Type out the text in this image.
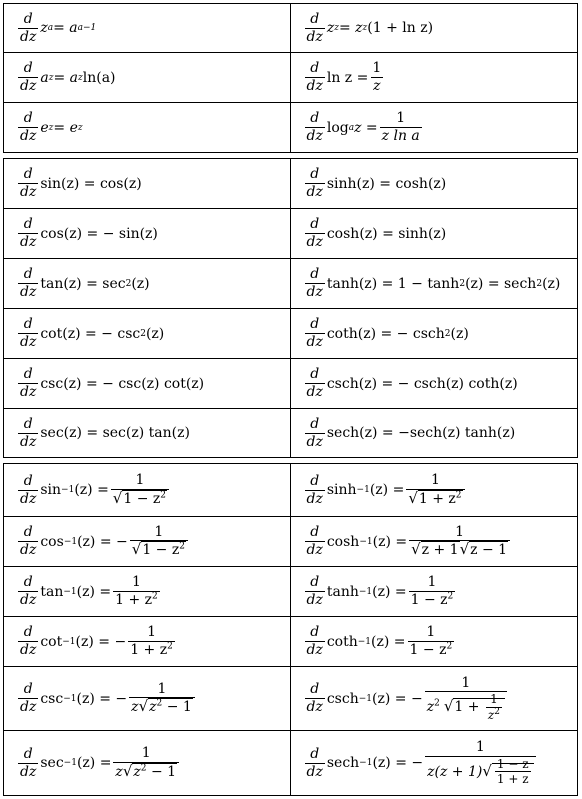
$\frac{d}{dz}$ z a = a a−1	$\frac{d}{dz}$ z z = z z (1 + ln z)
$\frac{d}{dz}$ a z = a z ln(a)	$\frac{d}{dz}$ $\ln z = \frac{1}{z}$
$\frac{d}{dz}$ e z = e z	$\frac{d}{dz}$ log a $z = \frac{1}{\text{z ln a}}$
$\frac{d}{dz} \sin(z) = \cos(z)$	$\frac{d}{dz} \sinh(z) = \cosh(z)$
$\frac{d}{dz} \cos(z)$ = − sin(z)	$\frac{d}{dz} \cosh(z) = \sinh(z)$
$\frac{d}{dz} \tan(z) = \sec 2$ (z)	$\frac{d}{dz} \tanh(z) = 1 - \tanh 2$ (z) = sech 2 (z)
$\frac{d}{dz} \cot(z)$ = − csc 2 (z)	$\frac{d}{dz} \cot h(z)$ = − csch 2 (z)
$\frac{d}{dz} \csc(z)$ = − csc(z) cot(z)	$\frac{d}{dz} \csc h(z)$ = − csch(z) coth(z)
$\frac{d}{dz} \sec(z) = \sec(z)$ tan(z)	$\frac{d}{dz} \sec h(z) = -\sec h(z)$ tanh(z)
$\frac{d}{dz}$ sin −1 $(z) = \frac{1}{√1 - z^2}$	$\frac{d}{dz}$ sinh −1 $(z) = \frac{1}{√1 + z^2}$
$\frac{d}{dz}$ cos −1 (z) = − $\frac{1}{√1 - z^2}$	$\frac{d}{dz}$ cosh −1 $(z) = \frac{1}{√z + 1√z - 1}$
$\frac{d}{dz}$ tan −1 $(z) = \frac{1}{1 + z^2}$	$\frac{d}{dz}$ tanh −1 $(z) = \frac{1}{1 - z^2}$
$\frac{d}{dz}$ cot −1 (z) = − $\frac{1}{1 + z^2}$	$\frac{d}{dz}$ coth −1 $(z) = \frac{1}{1 - z^2}$
$\frac{d}{dz}$ csc −1 (z) = − $\frac{1}{z√z^2 - 1}$	$\frac{d}{dz}$ csch −1 (z) = − $\frac{1}{z^2 √1 + \frac{1}{z^2}}$
$\frac{d}{dz}$ sec −1 $(z) = \frac{1}{z√z^2 - 1}$	$\frac{d}{dz}$ sech −1 (z) = − $\frac{1}{z(z + 1)√ \frac{1 - z}{1 + z}}$
